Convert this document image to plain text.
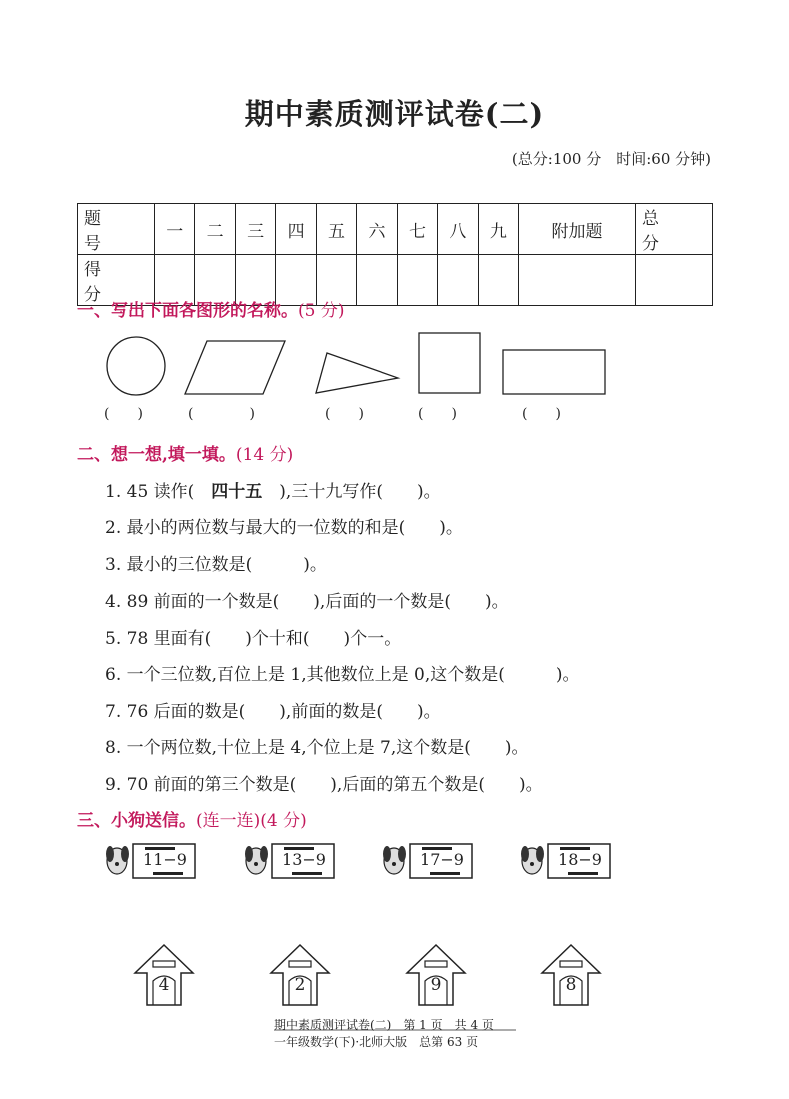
期中素质测评试卷(二)
(总分:100 分　时间:60 分钟)
题　号	一	二	三	四	五	六	七	八	九	附加题	总　分
得　分											
一、写出下面各图形的名称。(5 分)
(　　)	(　　　　)	(　　)	(　　)	(　　)
二、想一想,填一填。(14 分)
1. 45 读作(　四十五　),三十九写作(　　)。
2. 最小的两位数与最大的一位数的和是(　　)。
3. 最小的三位数是(　　　)。
4. 89 前面的一个数是(　　),后面的一个数是(　　)。
5. 78 里面有(　　)个十和(　　)个一。
6. 一个三位数,百位上是 1,其他数位上是 0,这个数是(　　　)。
7. 76 后面的数是(　　),前面的数是(　　)。
8. 一个两位数,十位上是 4,个位上是 7,这个数是(　　)。
9. 70 前面的第三个数是(　　),后面的第五个数是(　　)。
三、小狗送信。(连一连)(4 分)
11−9	13−9	17−9	18−9
4	2	9	8
期中素质测评试卷(二)　第 1 页　共 4 页
一年级数学(下)·北师大版　总第 63 页
